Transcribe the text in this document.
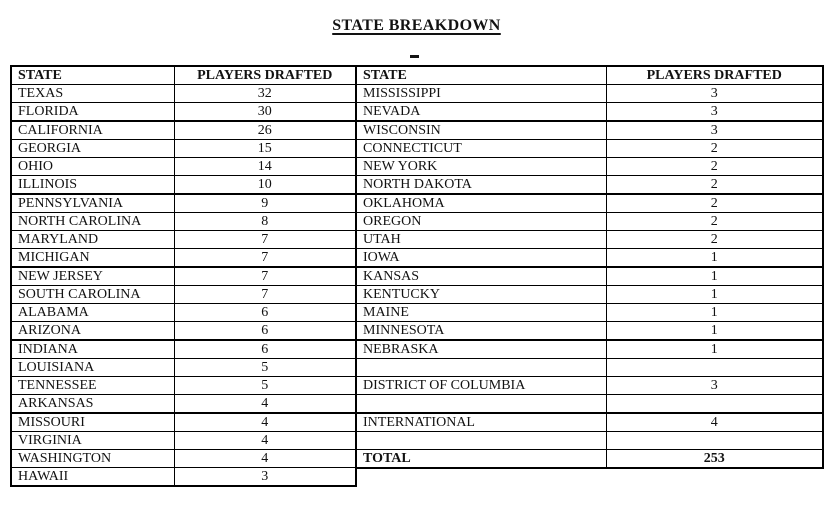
STATE BREAKDOWN
STATE	PLAYERS DRAFTED
TEXAS	32
FLORIDA	30
CALIFORNIA	26
GEORGIA	15
OHIO	14
ILLINOIS	10
PENNSYLVANIA	9
NORTH CAROLINA	8
MARYLAND	7
MICHIGAN	7
NEW JERSEY	7
SOUTH CAROLINA	7
ALABAMA	6
ARIZONA	6
INDIANA	6
LOUISIANA	5
TENNESSEE	5
ARKANSAS	4
MISSOURI	4
VIRGINIA	4
WASHINGTON	4
HAWAII	3
STATE	PLAYERS DRAFTED
MISSISSIPPI	3
NEVADA	3
WISCONSIN	3
CONNECTICUT	2
NEW YORK	2
NORTH DAKOTA	2
OKLAHOMA	2
OREGON	2
UTAH	2
IOWA	1
KANSAS	1
KENTUCKY	1
MAINE	1
MINNESOTA	1
NEBRASKA	1

DISTRICT OF COLUMBIA	3

INTERNATIONAL	4

TOTAL	253
